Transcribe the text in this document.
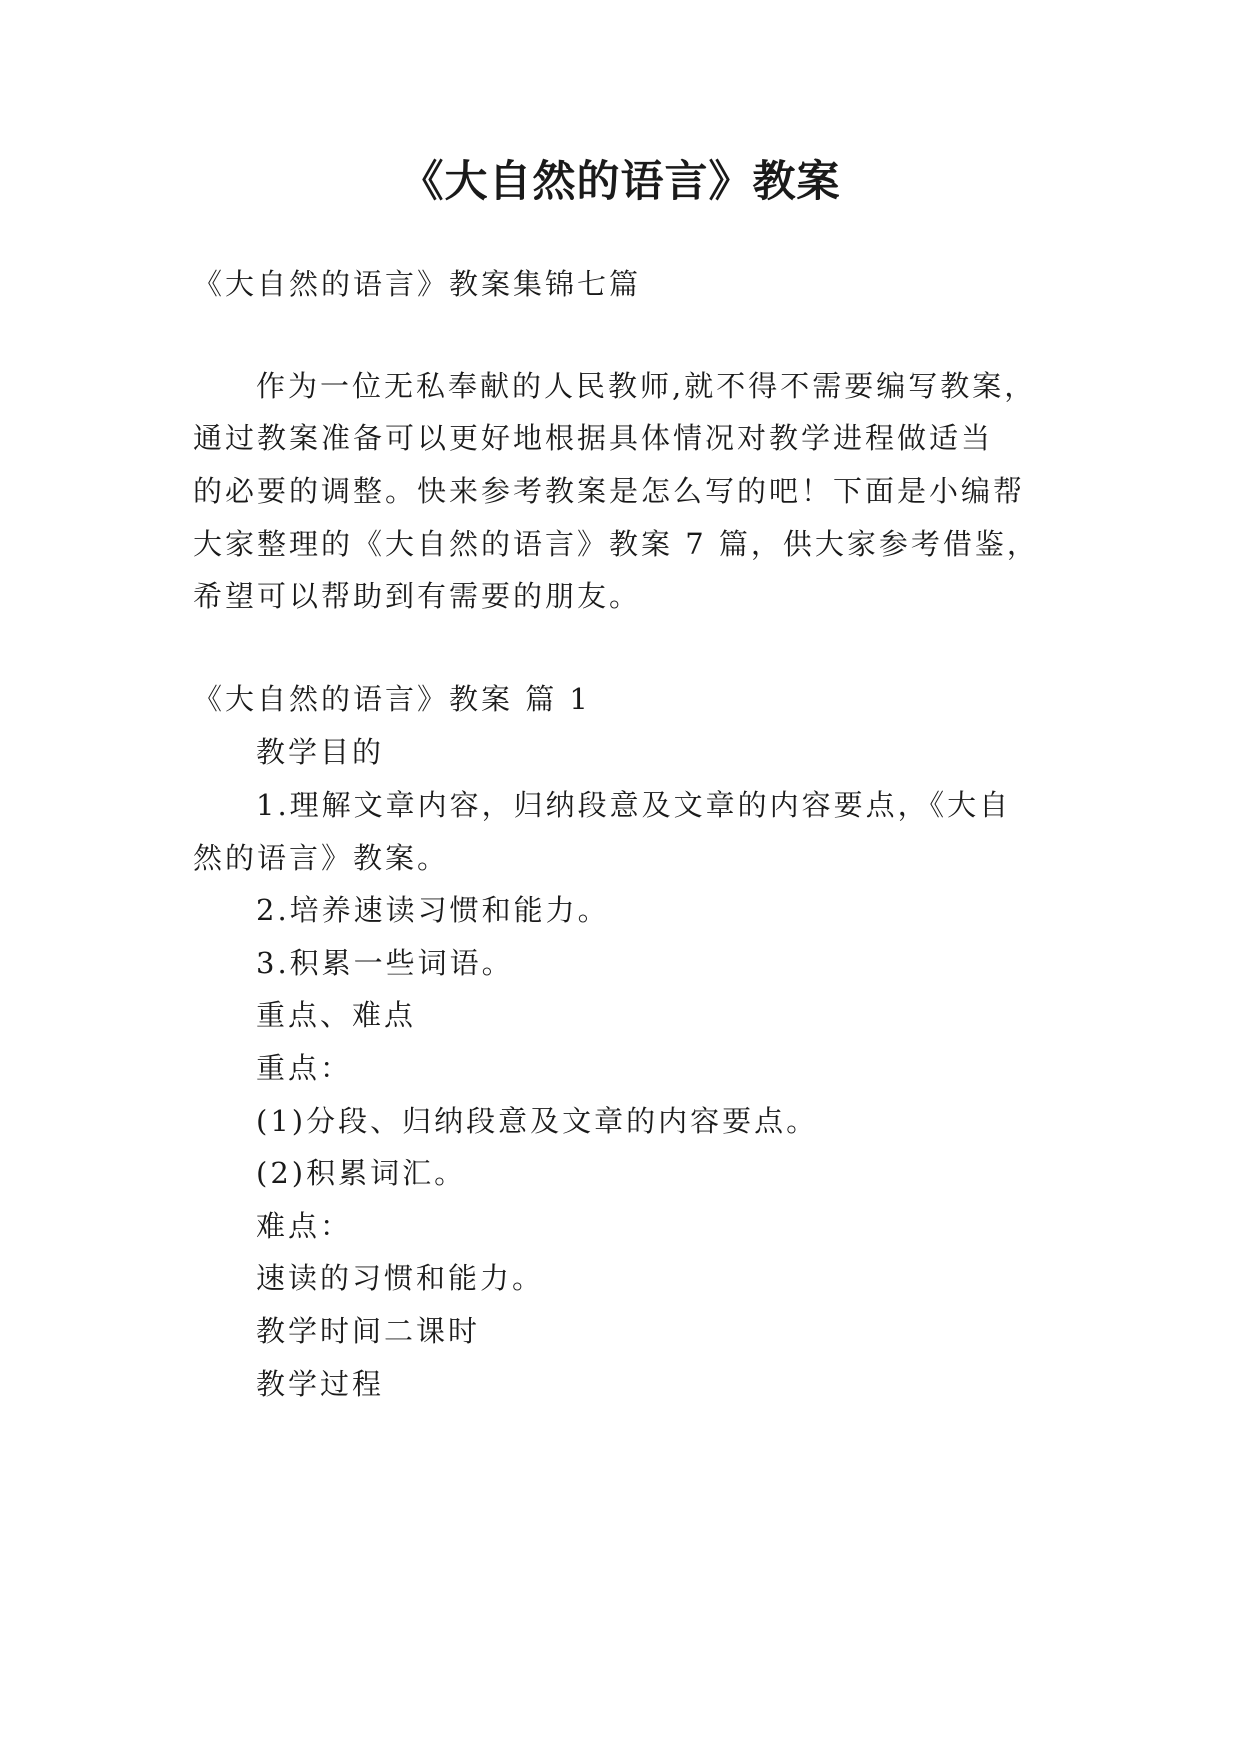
《大自然的语言》教案
《大自然的语言》教案集锦七篇
作为一位无私奉献的人民教师,就不得不需要编写教案，
通过教案准备可以更好地根据具体情况对教学进程做适当
的必要的调整。快来参考教案是怎么写的吧！下面是小编帮
大家整理的《大自然的语言》教案 7 篇，供大家参考借鉴，
希望可以帮助到有需要的朋友。
《大自然的语言》教案 篇 1
教学目的
1.理解文章内容，归纳段意及文章的内容要点，《大自
然的语言》教案。
2.培养速读习惯和能力。
3.积累一些词语。
重点、难点
重点：
(1)分段、归纳段意及文章的内容要点。
(2)积累词汇。
难点：
速读的习惯和能力。
教学时间二课时
教学过程
